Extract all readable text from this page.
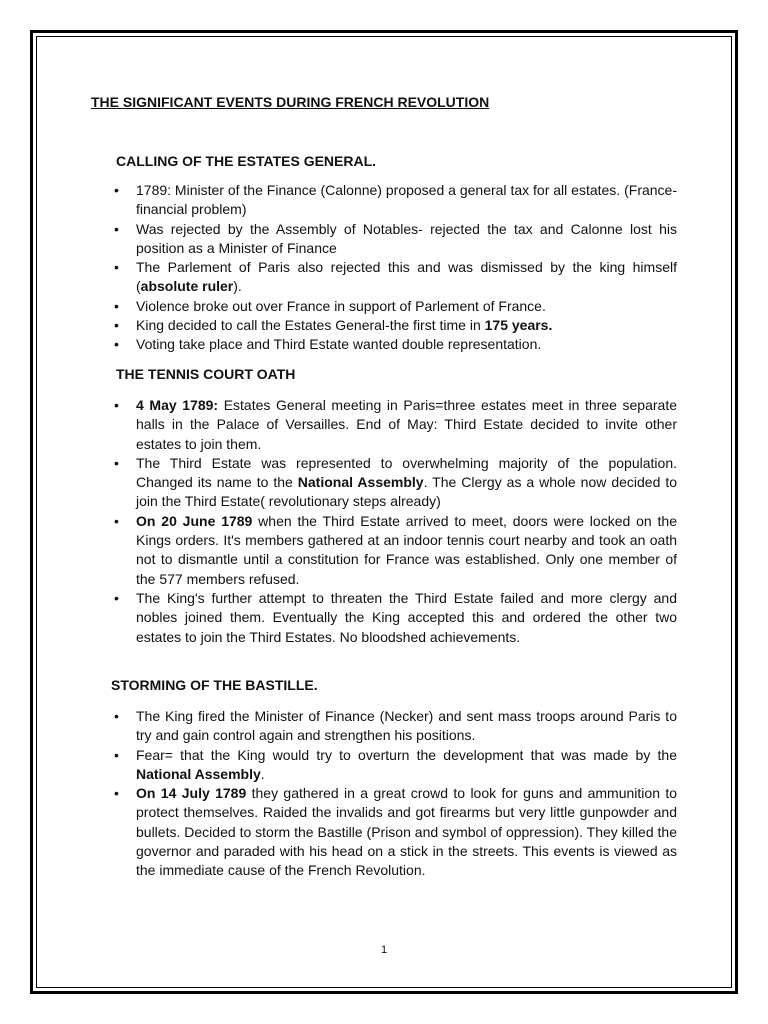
THE SIGNIFICANT EVENTS DURING FRENCH REVOLUTION
CALLING OF THE ESTATES GENERAL.
• 1789: Minister of the Finance (Calonne) proposed a general tax for all estates. (France-financial problem)
• Was rejected by the Assembly of Notables- rejected the tax and Calonne lost his position as a Minister of Finance
• The Parlement of Paris also rejected this and was dismissed by the king himself (absolute ruler).
• Violence broke out over France in support of Parlement of France.
• King decided to call the Estates General-the first time in 175 years.
• Voting take place and Third Estate wanted double representation.
THE TENNIS COURT OATH
• 4 May 1789: Estates General meeting in Paris=three estates meet in three separate halls in the Palace of Versailles. End of May: Third Estate decided to invite other estates to join them.
• The Third Estate was represented to overwhelming majority of the population. Changed its name to the National Assembly. The Clergy as a whole now decided to join the Third Estate( revolutionary steps already)
• On 20 June 1789 when the Third Estate arrived to meet, doors were locked on the Kings orders. It's members gathered at an indoor tennis court nearby and took an oath not to dismantle until a constitution for France was established. Only one member of the 577 members refused.
• The King's further attempt to threaten the Third Estate failed and more clergy and nobles joined them. Eventually the King accepted this and ordered the other two estates to join the Third Estates. No bloodshed achievements.
STORMING OF THE BASTILLE.
• The King fired the Minister of Finance (Necker) and sent mass troops around Paris to try and gain control again and strengthen his positions.
• Fear= that the King would try to overturn the development that was made by the National Assembly.
• On 14 July 1789 they gathered in a great crowd to look for guns and ammunition to protect themselves. Raided the invalids and got firearms but very little gunpowder and bullets. Decided to storm the Bastille (Prison and symbol of oppression). They killed the governor and paraded with his head on a stick in the streets. This events is viewed as the immediate cause of the French Revolution.
1
